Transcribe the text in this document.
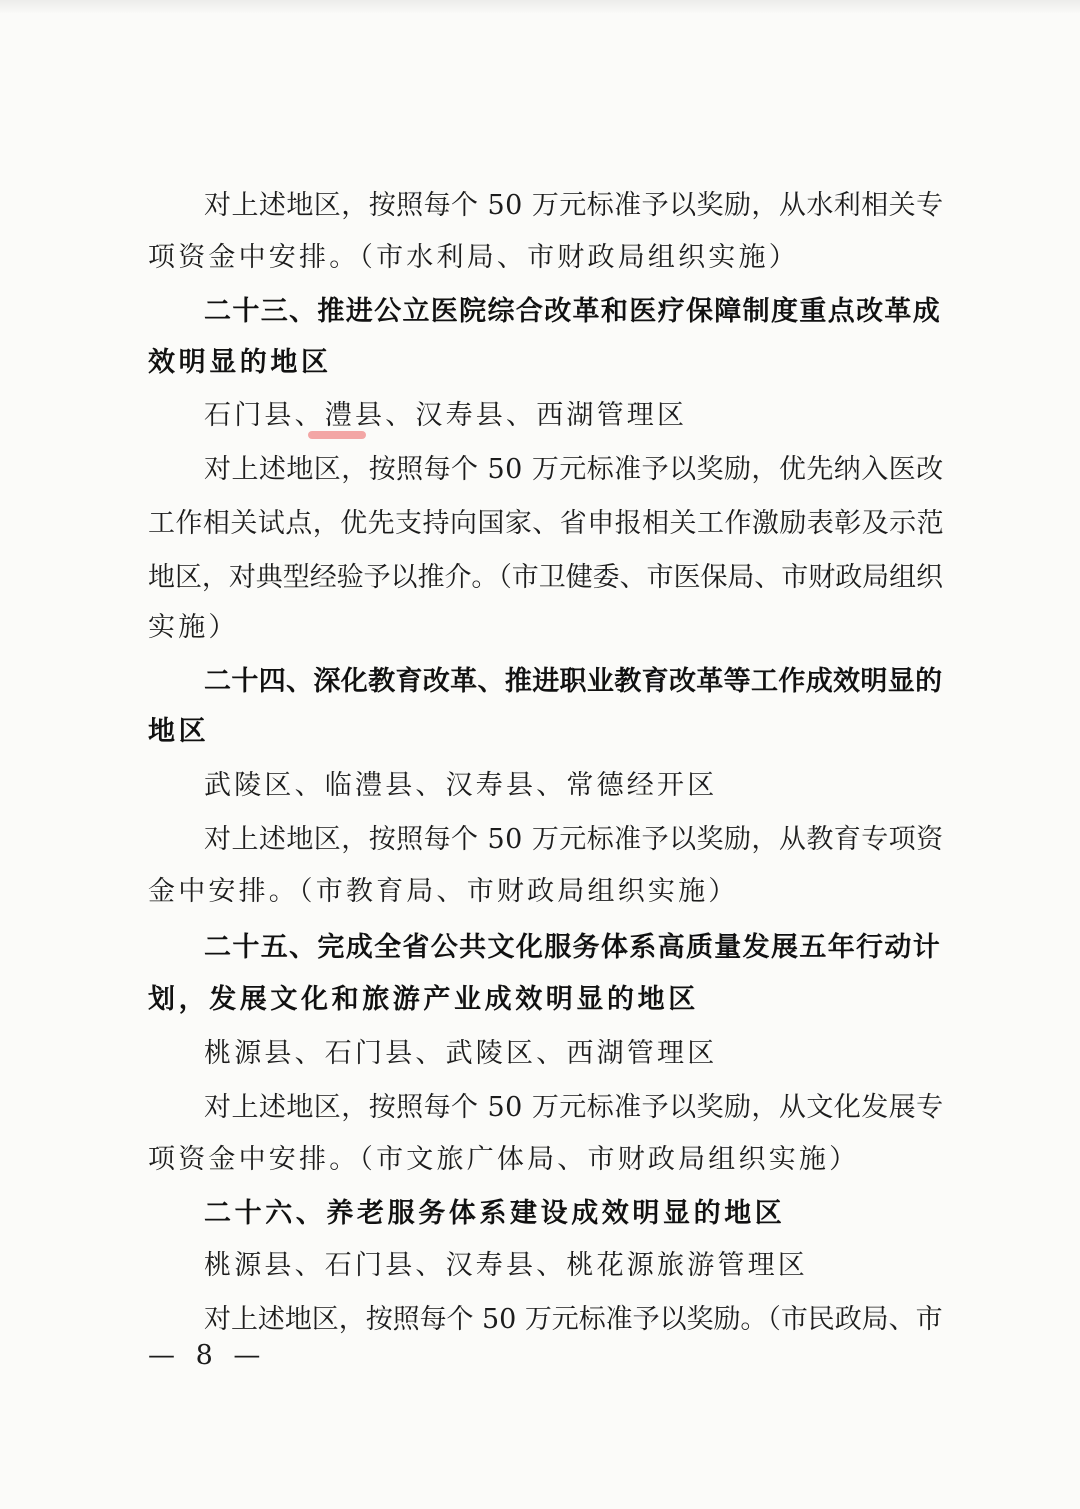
对上述地区，按照每个 50 万元标准予以奖励，从水利相关专
项资金中安排。（市水利局、市财政局组织实施）
二十三、推进公立医院综合改革和医疗保障制度重点改革成
效明显的地区
石门县、澧县、汉寿县、西湖管理区
对上述地区，按照每个 50 万元标准予以奖励，优先纳入医改
工作相关试点，优先支持向国家、省申报相关工作激励表彰及示范
地区，对典型经验予以推介。（市卫健委、市医保局、市财政局组织
实施）
二十四、深化教育改革、推进职业教育改革等工作成效明显的
地区
武陵区、临澧县、汉寿县、常德经开区
对上述地区，按照每个 50 万元标准予以奖励，从教育专项资
金中安排。（市教育局、市财政局组织实施）
二十五、完成全省公共文化服务体系高质量发展五年行动计
划，发展文化和旅游产业成效明显的地区
桃源县、石门县、武陵区、西湖管理区
对上述地区，按照每个 50 万元标准予以奖励，从文化发展专
项资金中安排。（市文旅广体局、市财政局组织实施）
二十六、养老服务体系建设成效明显的地区
桃源县、石门县、汉寿县、桃花源旅游管理区
对上述地区，按照每个 50 万元标准予以奖励。（市民政局、市
— 8 —
